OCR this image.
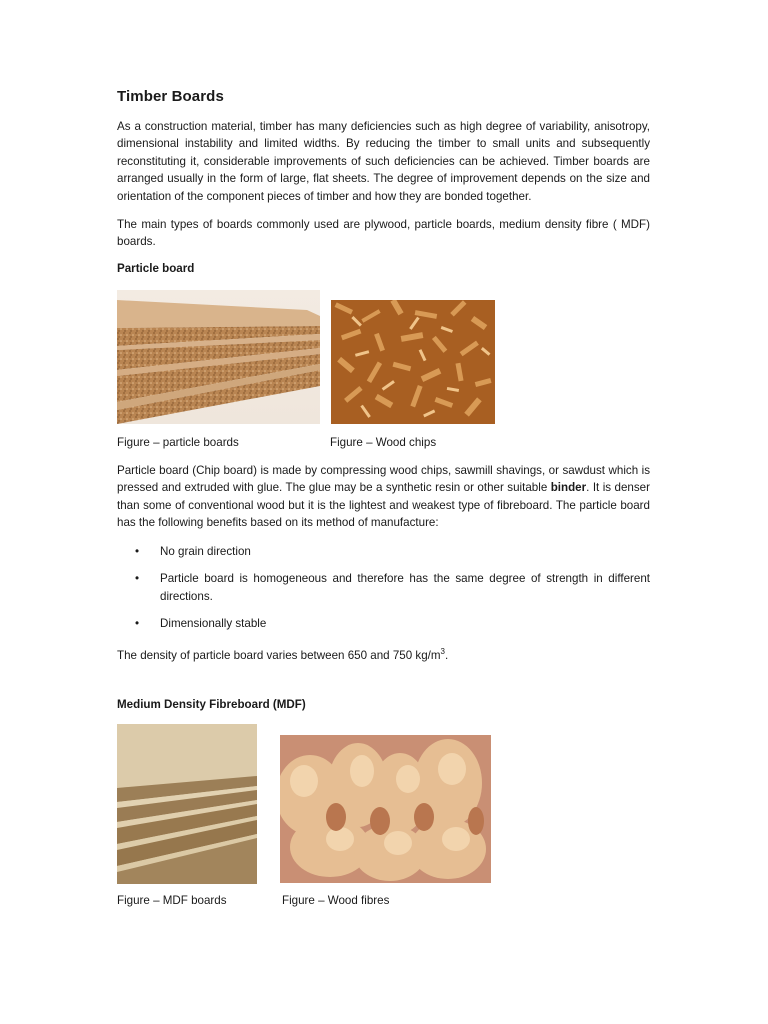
Timber Boards

As a construction material, timber has many deficiencies such as high degree of variability, anisotropy, dimensional instability and limited widths. By reducing the timber to small units and subsequently reconstituting it, considerable improvements of such deficiencies can be achieved. Timber boards are arranged usually in the form of large, flat sheets. The degree of improvement depends on the size and orientation of the component pieces of timber and how they are bonded together.

The main types of boards commonly used are plywood, particle boards, medium density fibre ( MDF) boards.

Particle board
Figure – particle boards	Figure – Wood chips

Particle board (Chip board) is made by compressing wood chips, sawmill shavings, or sawdust which is pressed and extruded with glue. The glue may be a synthetic resin or other suitable binder. It is denser than some of conventional wood but it is the lightest and weakest type of fibreboard. The particle board has the following benefits based on its method of manufacture:

• No grain direction
• Particle board is homogeneous and therefore has the same degree of strength in different directions.
• Dimensionally stable

The density of particle board varies between 650 and 750 $kg/m^3$.

Medium Density Fibreboard (MDF)
Figure – MDF boards	Figure – Wood fibres
